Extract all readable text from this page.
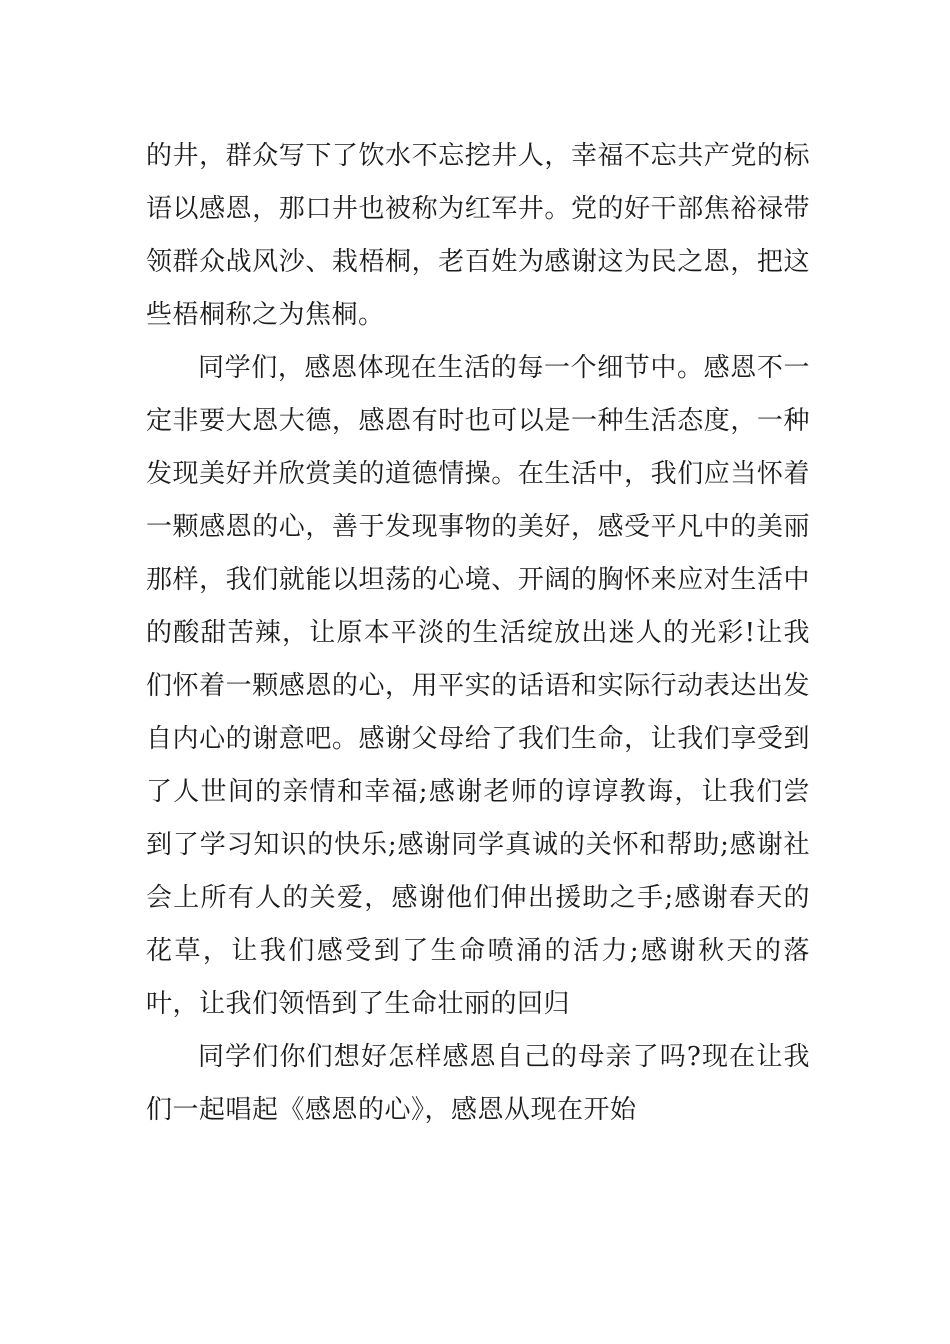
的井，群众写下了饮水不忘挖井人，幸福不忘共产党的标语以感恩，那口井也被称为红军井。党的好干部焦裕禄带领群众战风沙、栽梧桐，老百姓为感谢这为民之恩，把这些梧桐称之为焦桐。

同学们，感恩体现在生活的每一个细节中。感恩不一定非要大恩大德，感恩有时也可以是一种生活态度，一种发现美好并欣赏美的道德情操。在生活中，我们应当怀着一颗感恩的心，善于发现事物的美好，感受平凡中的美丽那样，我们就能以坦荡的心境、开阔的胸怀来应对生活中的酸甜苦辣，让原本平淡的生活绽放出迷人的光彩!让我们怀着一颗感恩的心，用平实的话语和实际行动表达出发自内心的谢意吧。感谢父母给了我们生命，让我们享受到了人世间的亲情和幸福;感谢老师的谆谆教诲，让我们尝到了学习知识的快乐;感谢同学真诚的关怀和帮助;感谢社会上所有人的关爱，感谢他们伸出援助之手;感谢春天的花草，让我们感受到了生命喷涌的活力;感谢秋天的落叶，让我们领悟到了生命壮丽的回归

同学们你们想好怎样感恩自己的母亲了吗?现在让我们一起唱起《感恩的心》，感恩从现在开始
